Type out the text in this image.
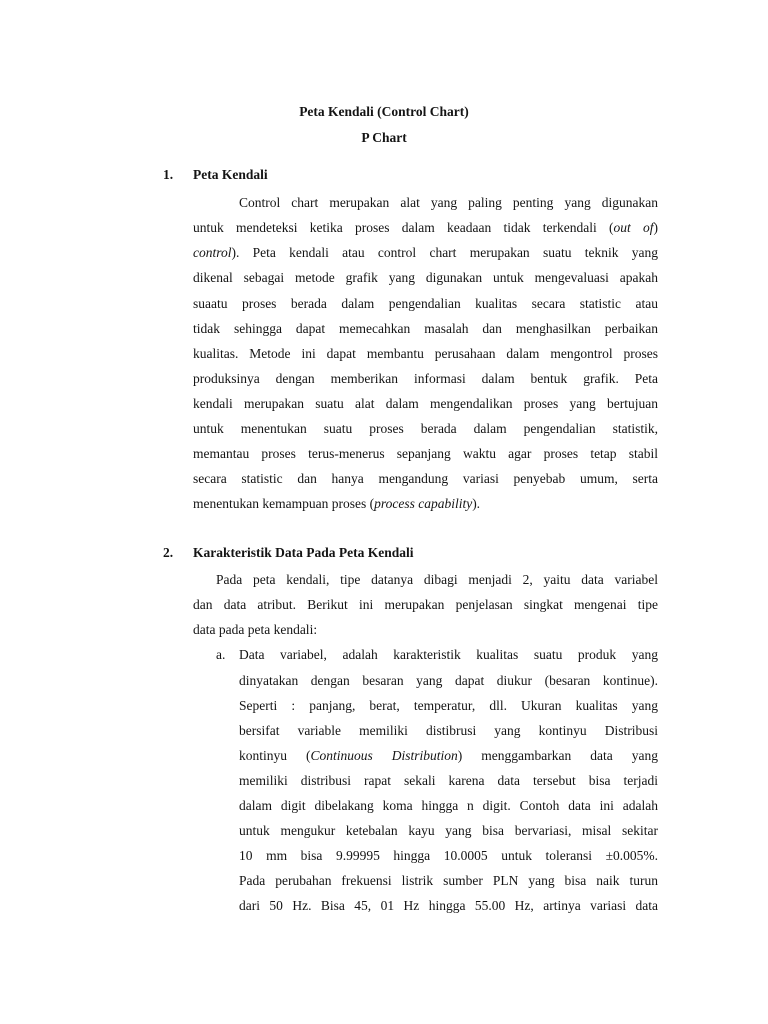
Peta Kendali (Control Chart)
P Chart
1. Peta Kendali
Control chart merupakan alat yang paling penting yang digunakan
untuk mendeteksi ketika proses dalam keadaan tidak terkendali (out of)
control). Peta kendali atau control chart merupakan suatu teknik yang
dikenal sebagai metode grafik yang digunakan untuk mengevaluasi apakah
suaatu proses berada dalam pengendalian kualitas secara statistic atau
tidak sehingga dapat memecahkan masalah dan menghasilkan perbaikan
kualitas. Metode ini dapat membantu perusahaan dalam mengontrol proses
produksinya dengan memberikan informasi dalam bentuk grafik. Peta
kendali merupakan suatu alat dalam mengendalikan proses yang bertujuan
untuk menentukan suatu proses berada dalam pengendalian statistik,
memantau proses terus-menerus sepanjang waktu agar proses tetap stabil
secara statistic dan hanya mengandung variasi penyebab umum, serta
menentukan kemampuan proses (process capability).
2. Karakteristik Data Pada Peta Kendali
Pada peta kendali, tipe datanya dibagi menjadi 2, yaitu data variabel
dan data atribut. Berikut ini merupakan penjelasan singkat mengenai tipe
data pada peta kendali:
a. Data variabel, adalah karakteristik kualitas suatu produk yang
dinyatakan dengan besaran yang dapat diukur (besaran kontinue).
Seperti : panjang, berat, temperatur, dll. Ukuran kualitas yang
bersifat variable memiliki distibrusi yang kontinyu Distribusi
kontinyu (Continuous Distribution) menggambarkan data yang
memiliki distribusi rapat sekali karena data tersebut bisa terjadi
dalam digit dibelakang koma hingga n digit. Contoh data ini adalah
untuk mengukur ketebalan kayu yang bisa bervariasi, misal sekitar
10 mm bisa 9.99995 hingga 10.0005 untuk toleransi ±0.005%.
Pada perubahan frekuensi listrik sumber PLN yang bisa naik turun
dari 50 Hz. Bisa 45, 01 Hz hingga 55.00 Hz, artinya variasi data
